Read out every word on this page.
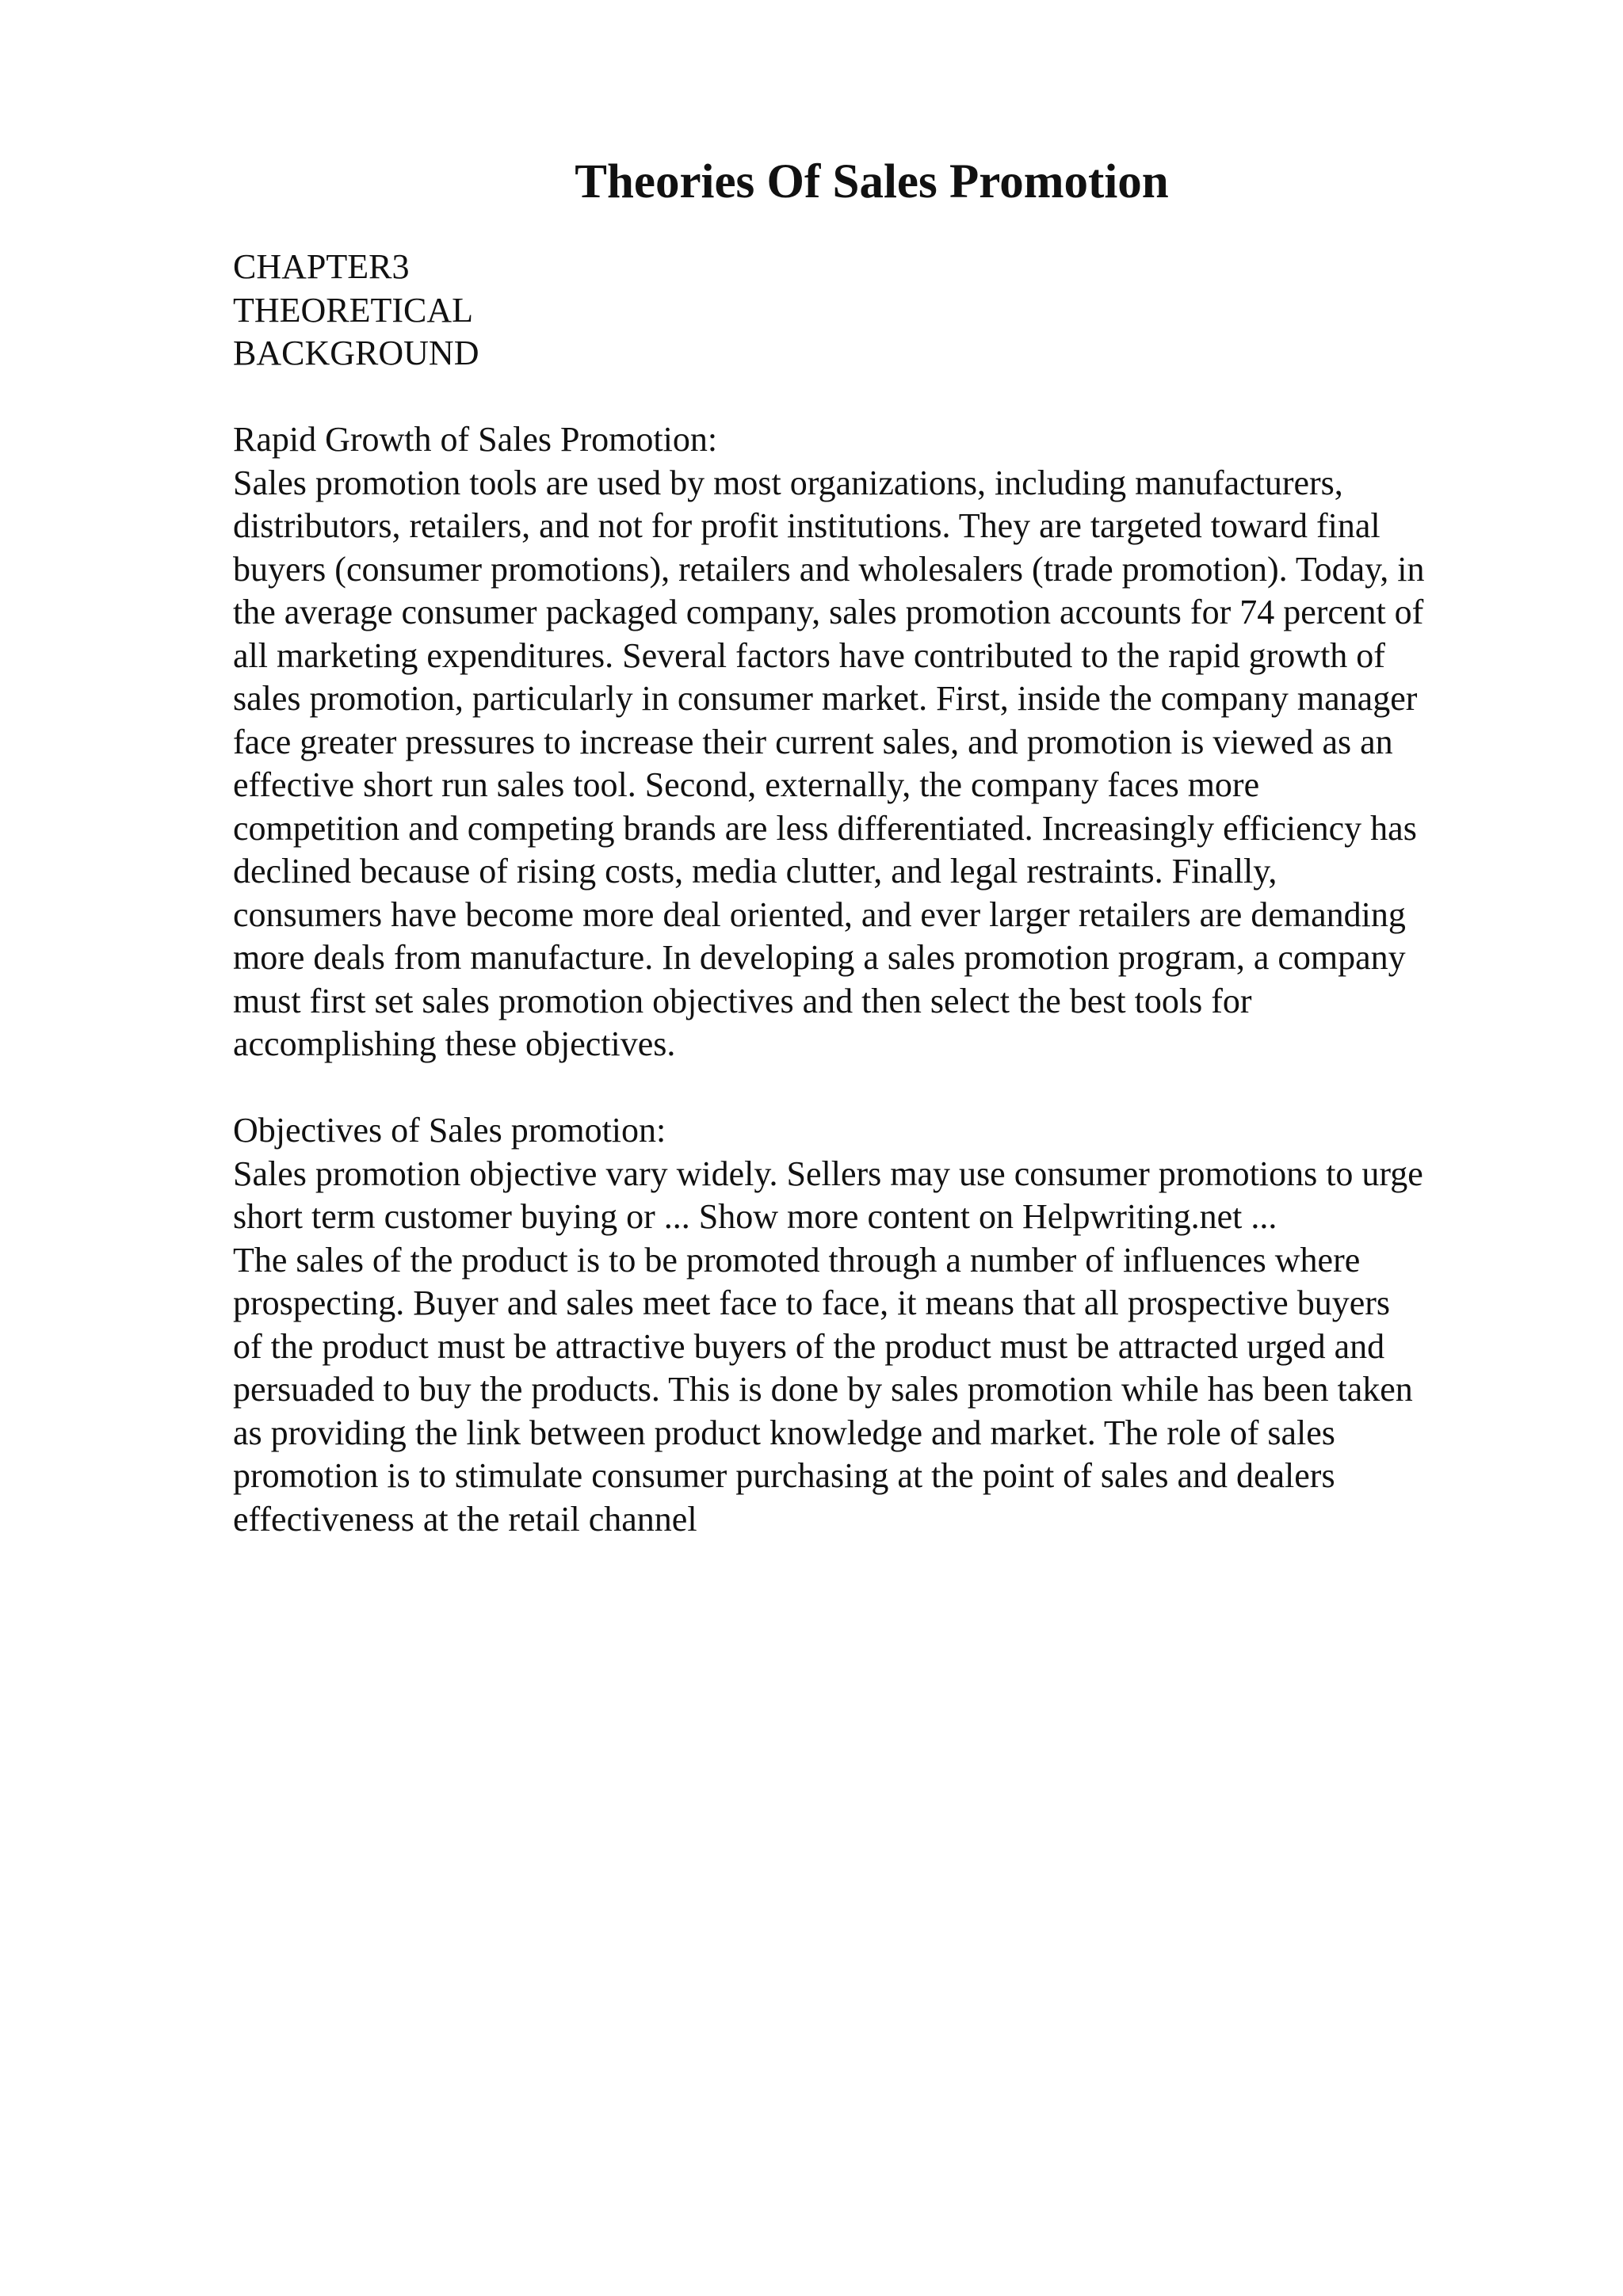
Theories Of Sales Promotion
CHAPTER3
THEORETICAL
BACKGROUND
Rapid Growth of Sales Promotion:
Sales promotion tools are used by most organizations, including manufacturers,
distributors, retailers, and not for profit institutions. They are targeted toward final
buyers (consumer promotions), retailers and wholesalers (trade promotion). Today, in
the average consumer packaged company, sales promotion accounts for 74 percent of
all marketing expenditures. Several factors have contributed to the rapid growth of
sales promotion, particularly in consumer market. First, inside the company manager
face greater pressures to increase their current sales, and promotion is viewed as an
effective short run sales tool. Second, externally, the company faces more
competition and competing brands are less differentiated. Increasingly efficiency has
declined because of rising costs, media clutter, and legal restraints. Finally,
consumers have become more deal oriented, and ever larger retailers are demanding
more deals from manufacture. In developing a sales promotion program, a company
must first set sales promotion objectives and then select the best tools for
accomplishing these objectives.
Objectives of Sales promotion:
Sales promotion objective vary widely. Sellers may use consumer promotions to urge
short term customer buying or ... Show more content on Helpwriting.net ...
The sales of the product is to be promoted through a number of influences where
prospecting. Buyer and sales meet face to face, it means that all prospective buyers
of the product must be attractive buyers of the product must be attracted urged and
persuaded to buy the products. This is done by sales promotion while has been taken
as providing the link between product knowledge and market. The role of sales
promotion is to stimulate consumer purchasing at the point of sales and dealers
effectiveness at the retail channel
